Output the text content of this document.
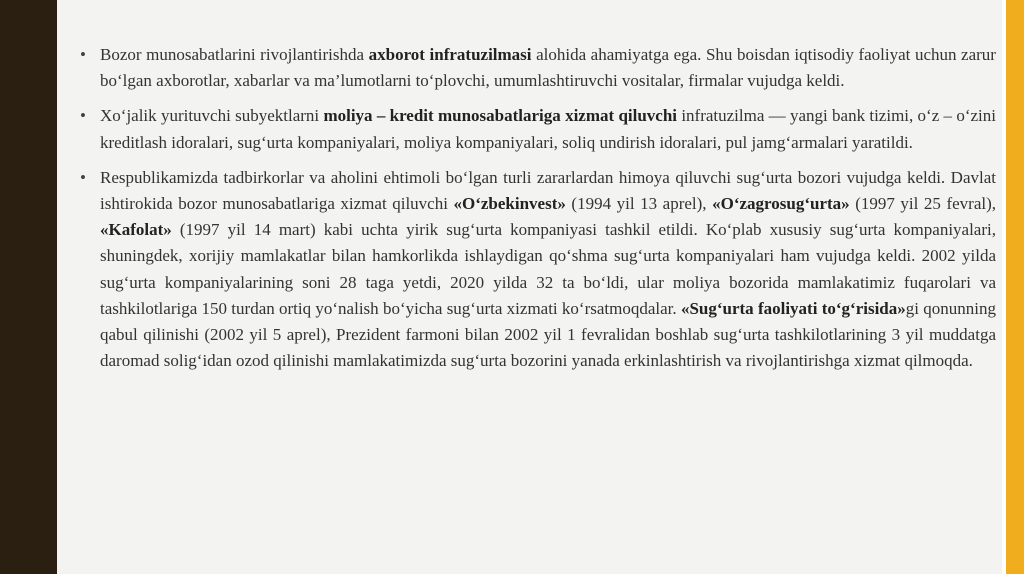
• Bozor munosabatlarini rivojlantirishda axborot infratuzilmasi alohida ahamiyatga ega. Shu boisdan iqtisodiy faoliyat uchun zarur bo‘lgan axborotlar, xabarlar va ma’lumotlarni to‘plovchi, umumlashtiruvchi vositalar, firmalar vujudga keldi.
• Xo‘jalik yurituvchi subyektlarni moliya – kredit munosabatlariga xizmat qiluvchi infratuzilma — yangi bank tizimi, o‘z – o‘zini kreditlash idoralari, sug‘urta kompaniyalari, moliya kompaniyalari, soliq undirish idoralari, pul jamg‘armalari yaratildi.
• Respublikamizda tadbirkorlar va aholini ehtimoli bo‘lgan turli zararlardan himoya qiluvchi sug‘urta bozori vujudga keldi. Davlat ishtirokida bozor munosabatlariga xizmat qiluvchi «O‘zbekinvest» (1994 yil 13 aprel), «O‘zagrosug‘urta» (1997 yil 25 fevral), «Kafolat» (1997 yil 14 mart) kabi uchta yirik sug‘urta kompaniyasi tashkil etildi. Ko‘plab xususiy sug‘urta kompaniyalari, shuningdek, xorijiy mamlakatlar bilan hamkorlikda ishlaydigan qo‘shma sug‘urta kompaniyalari ham vujudga keldi. 2002 yilda sug‘urta kompaniyalarining soni 28 taga yetdi, 2020 yilda 32 ta bo‘ldi, ular moliya bozorida mamlakatimiz fuqarolari va tashkilotlariga 150 turdan ortiq yo‘nalish bo‘yicha sug‘urta xizmati ko‘rsatmoqdalar. «Sug‘urta faoliyati to‘g‘risida»gi qonunning qabul qilinishi (2002 yil 5 aprel), Prezident farmoni bilan 2002 yil 1 fevralidan boshlab sug‘urta tashkilotlarining 3 yil muddatga daromad solig‘idan ozod qilinishi mamlakatimizda sug‘urta bozorini yanada erkinlashtirish va rivojlantirishga xizmat qilmoqda.
